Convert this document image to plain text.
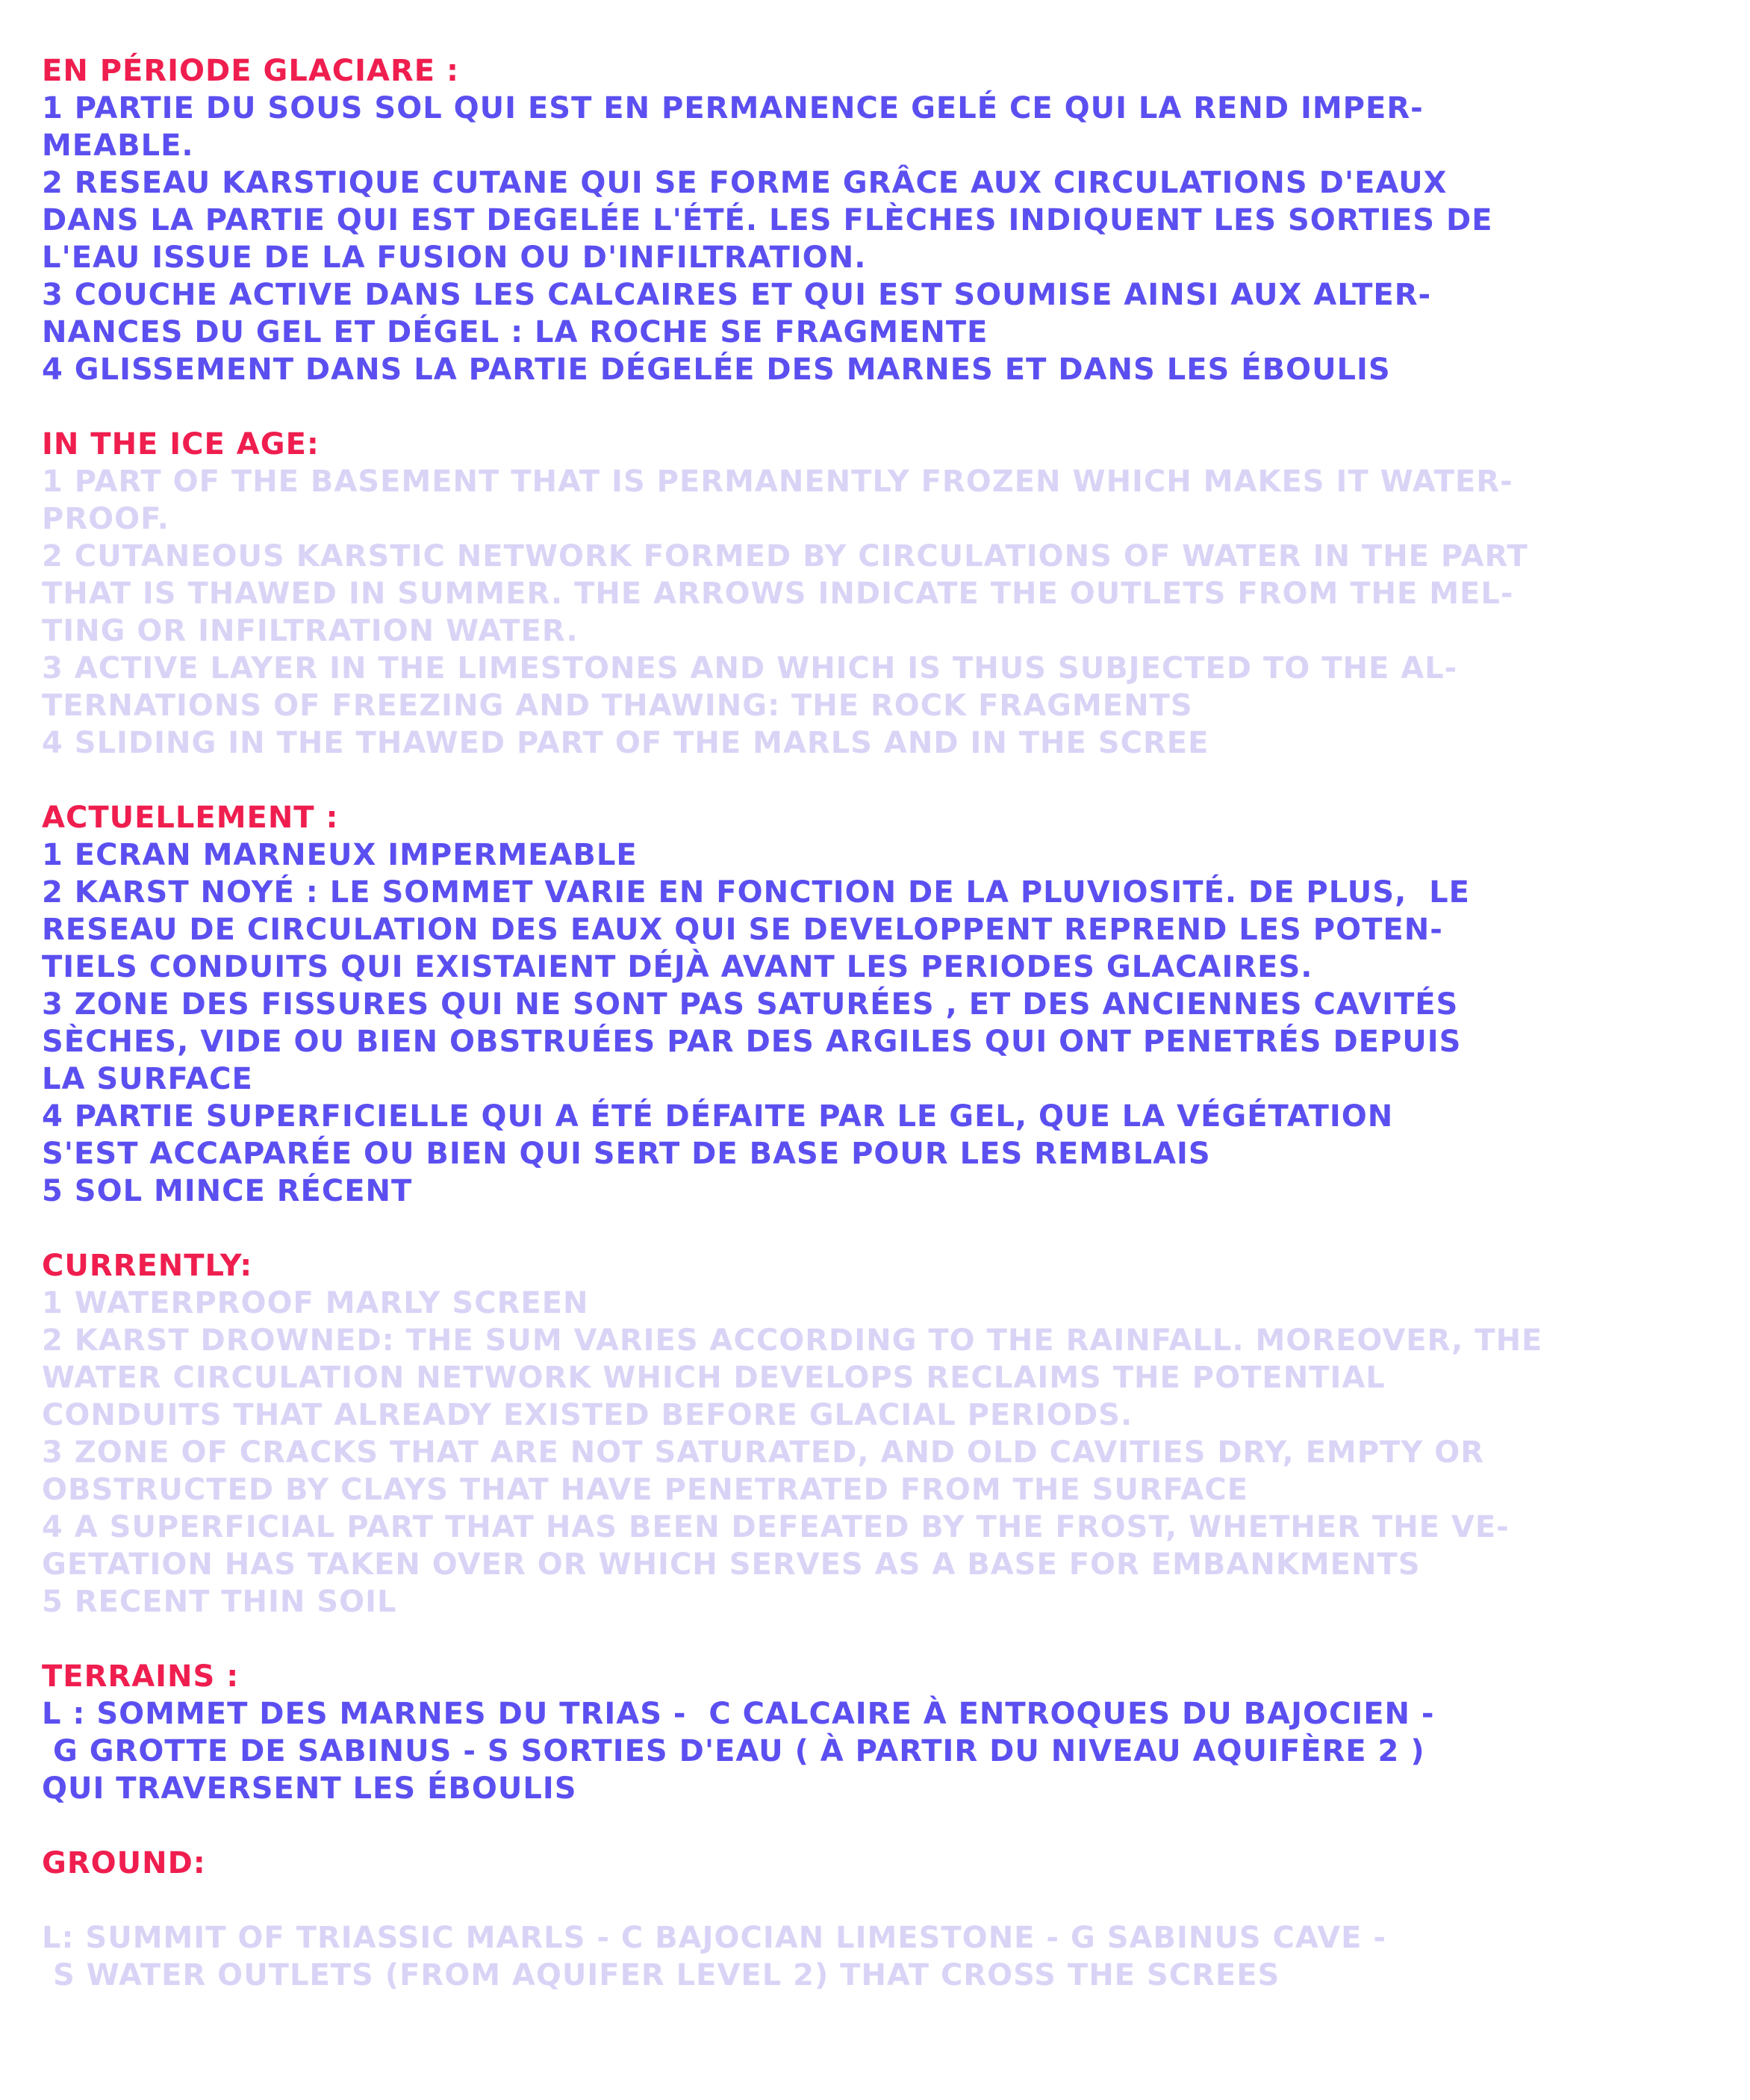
EN PÉRIODE GLACIARE :
1 PARTIE DU SOUS SOL QUI EST EN PERMANENCE GELÉ CE QUI LA REND IMPER-
MEABLE.
2 RESEAU KARSTIQUE CUTANE QUI SE FORME GRÂCE AUX CIRCULATIONS D'EAUX
DANS LA PARTIE QUI EST DEGELÉE L'ÉTÉ. LES FLÈCHES INDIQUENT LES SORTIES DE
L'EAU ISSUE DE LA FUSION OU D'INFILTRATION.
3 COUCHE ACTIVE DANS LES CALCAIRES ET QUI EST SOUMISE AINSI AUX ALTER-
NANCES DU GEL ET DÉGEL : LA ROCHE SE FRAGMENTE
4 GLISSEMENT DANS LA PARTIE DÉGELÉE DES MARNES ET DANS LES ÉBOULIS
IN THE ICE AGE:
1 PART OF THE BASEMENT THAT IS PERMANENTLY FROZEN WHICH MAKES IT WATER-
PROOF.
2 CUTANEOUS KARSTIC NETWORK FORMED BY CIRCULATIONS OF WATER IN THE PART
THAT IS THAWED IN SUMMER. THE ARROWS INDICATE THE OUTLETS FROM THE MEL-
TING OR INFILTRATION WATER.
3 ACTIVE LAYER IN THE LIMESTONES AND WHICH IS THUS SUBJECTED TO THE AL-
TERNATIONS OF FREEZING AND THAWING: THE ROCK FRAGMENTS
4 SLIDING IN THE THAWED PART OF THE MARLS AND IN THE SCREE
ACTUELLEMENT :
1 ECRAN MARNEUX IMPERMEABLE
2 KARST NOYÉ : LE SOMMET VARIE EN FONCTION DE LA PLUVIOSITÉ. DE PLUS,  LE
RESEAU DE CIRCULATION DES EAUX QUI SE DEVELOPPENT REPREND LES POTEN-
TIELS CONDUITS QUI EXISTAIENT DÉJÀ AVANT LES PERIODES GLACAIRES.
3 ZONE DES FISSURES QUI NE SONT PAS SATURÉES , ET DES ANCIENNES CAVITÉS
SÈCHES, VIDE OU BIEN OBSTRUÉES PAR DES ARGILES QUI ONT PENETRÉS DEPUIS
LA SURFACE
4 PARTIE SUPERFICIELLE QUI A ÉTÉ DÉFAITE PAR LE GEL, QUE LA VÉGÉTATION
S'EST ACCAPARÉE OU BIEN QUI SERT DE BASE POUR LES REMBLAIS
5 SOL MINCE RÉCENT
CURRENTLY:
1 WATERPROOF MARLY SCREEN
2 KARST DROWNED: THE SUM VARIES ACCORDING TO THE RAINFALL. MOREOVER, THE
WATER CIRCULATION NETWORK WHICH DEVELOPS RECLAIMS THE POTENTIAL
CONDUITS THAT ALREADY EXISTED BEFORE GLACIAL PERIODS.
3 ZONE OF CRACKS THAT ARE NOT SATURATED, AND OLD CAVITIES DRY, EMPTY OR
OBSTRUCTED BY CLAYS THAT HAVE PENETRATED FROM THE SURFACE
4 A SUPERFICIAL PART THAT HAS BEEN DEFEATED BY THE FROST, WHETHER THE VE-
GETATION HAS TAKEN OVER OR WHICH SERVES AS A BASE FOR EMBANKMENTS
5 RECENT THIN SOIL
TERRAINS :
L : SOMMET DES MARNES DU TRIAS -  C CALCAIRE À ENTROQUES DU BAJOCIEN -
G GROTTE DE SABINUS - S SORTIES D'EAU ( À PARTIR DU NIVEAU AQUIFÈRE 2 )
QUI TRAVERSENT LES ÉBOULIS
GROUND:

L: SUMMIT OF TRIASSIC MARLS - C BAJOCIAN LIMESTONE - G SABINUS CAVE -
S WATER OUTLETS (FROM AQUIFER LEVEL 2) THAT CROSS THE SCREES
